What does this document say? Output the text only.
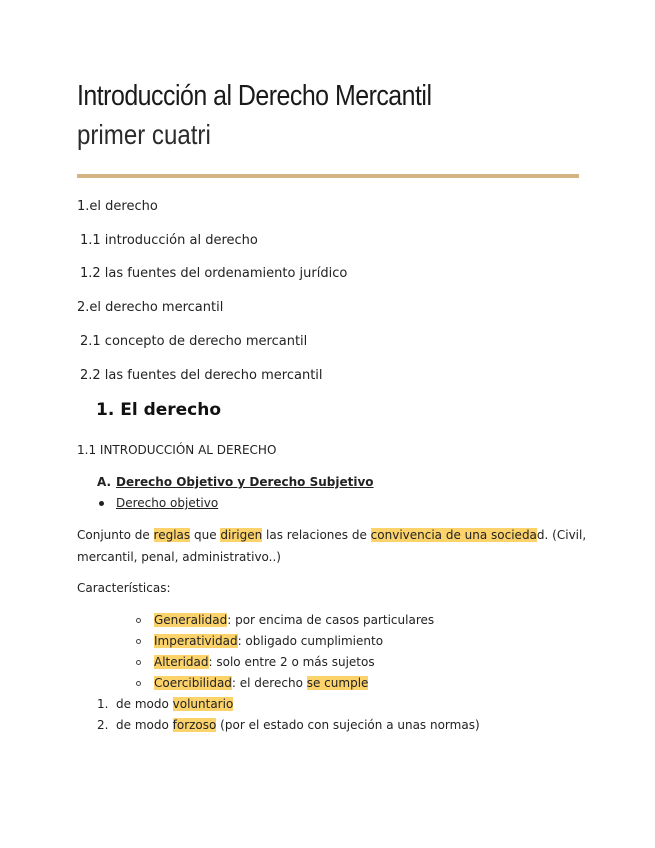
Introducción al Derecho Mercantil
primer cuatri
1.el derecho
1.1 introducción al derecho
1.2 las fuentes del ordenamiento jurídico
2.el derecho mercantil
2.1 concepto de derecho mercantil
2.2 las fuentes del derecho mercantil
1. El derecho
1.1 INTRODUCCIÓN AL DERECHO
A. Derecho Objetivo y Derecho Subjetivo
Derecho objetivo
Conjunto de reglas que dirigen las relaciones de convivencia de una sociedad. (Civil,
mercantil, penal, administrativo..)
Características:
Generalidad: por encima de casos particulares
Imperatividad: obligado cumplimiento
Alteridad: solo entre 2 o más sujetos
Coercibilidad: el derecho se cumple
1. de modo voluntario
2. de modo forzoso (por el estado con sujeción a unas normas)
